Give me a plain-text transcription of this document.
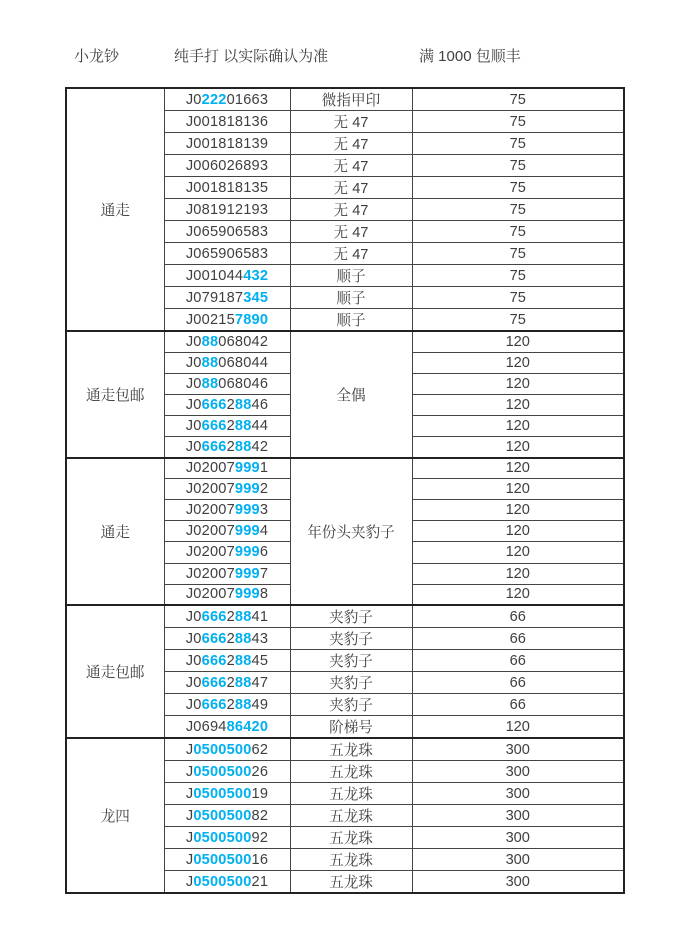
小龙钞	纯手打 以实际确认为准	满 1000 包顺丰
通走	J022201663	微指甲印	75
	J001818136	无 47	75
	J001818139	无 47	75
	J006026893	无 47	75
	J001818135	无 47	75
	J081912193	无 47	75
	J065906583	无 47	75
	J065906583	无 47	75
	J001044432	顺子	75
	J079187345	顺子	75
	J002157890	顺子	75
通走包邮	J088068042	全偶	120
	J088068044		120
	J088068046		120
	J066628846		120
	J066628844		120
	J066628842		120
通走	J020079991	年份头夹豹子	120
	J020079992		120
	J020079993		120
	J020079994		120
	J020079996		120
	J020079997		120
	J020079998		120
通走包邮	J066628841	夹豹子	66
	J066628843	夹豹子	66
	J066628845	夹豹子	66
	J066628847	夹豹子	66
	J066628849	夹豹子	66
	J069486420	阶梯号	120
龙四	J050050062	五龙珠	300
	J050050026	五龙珠	300
	J050050019	五龙珠	300
	J050050082	五龙珠	300
	J050050092	五龙珠	300
	J050050016	五龙珠	300
	J050050021	五龙珠	300
